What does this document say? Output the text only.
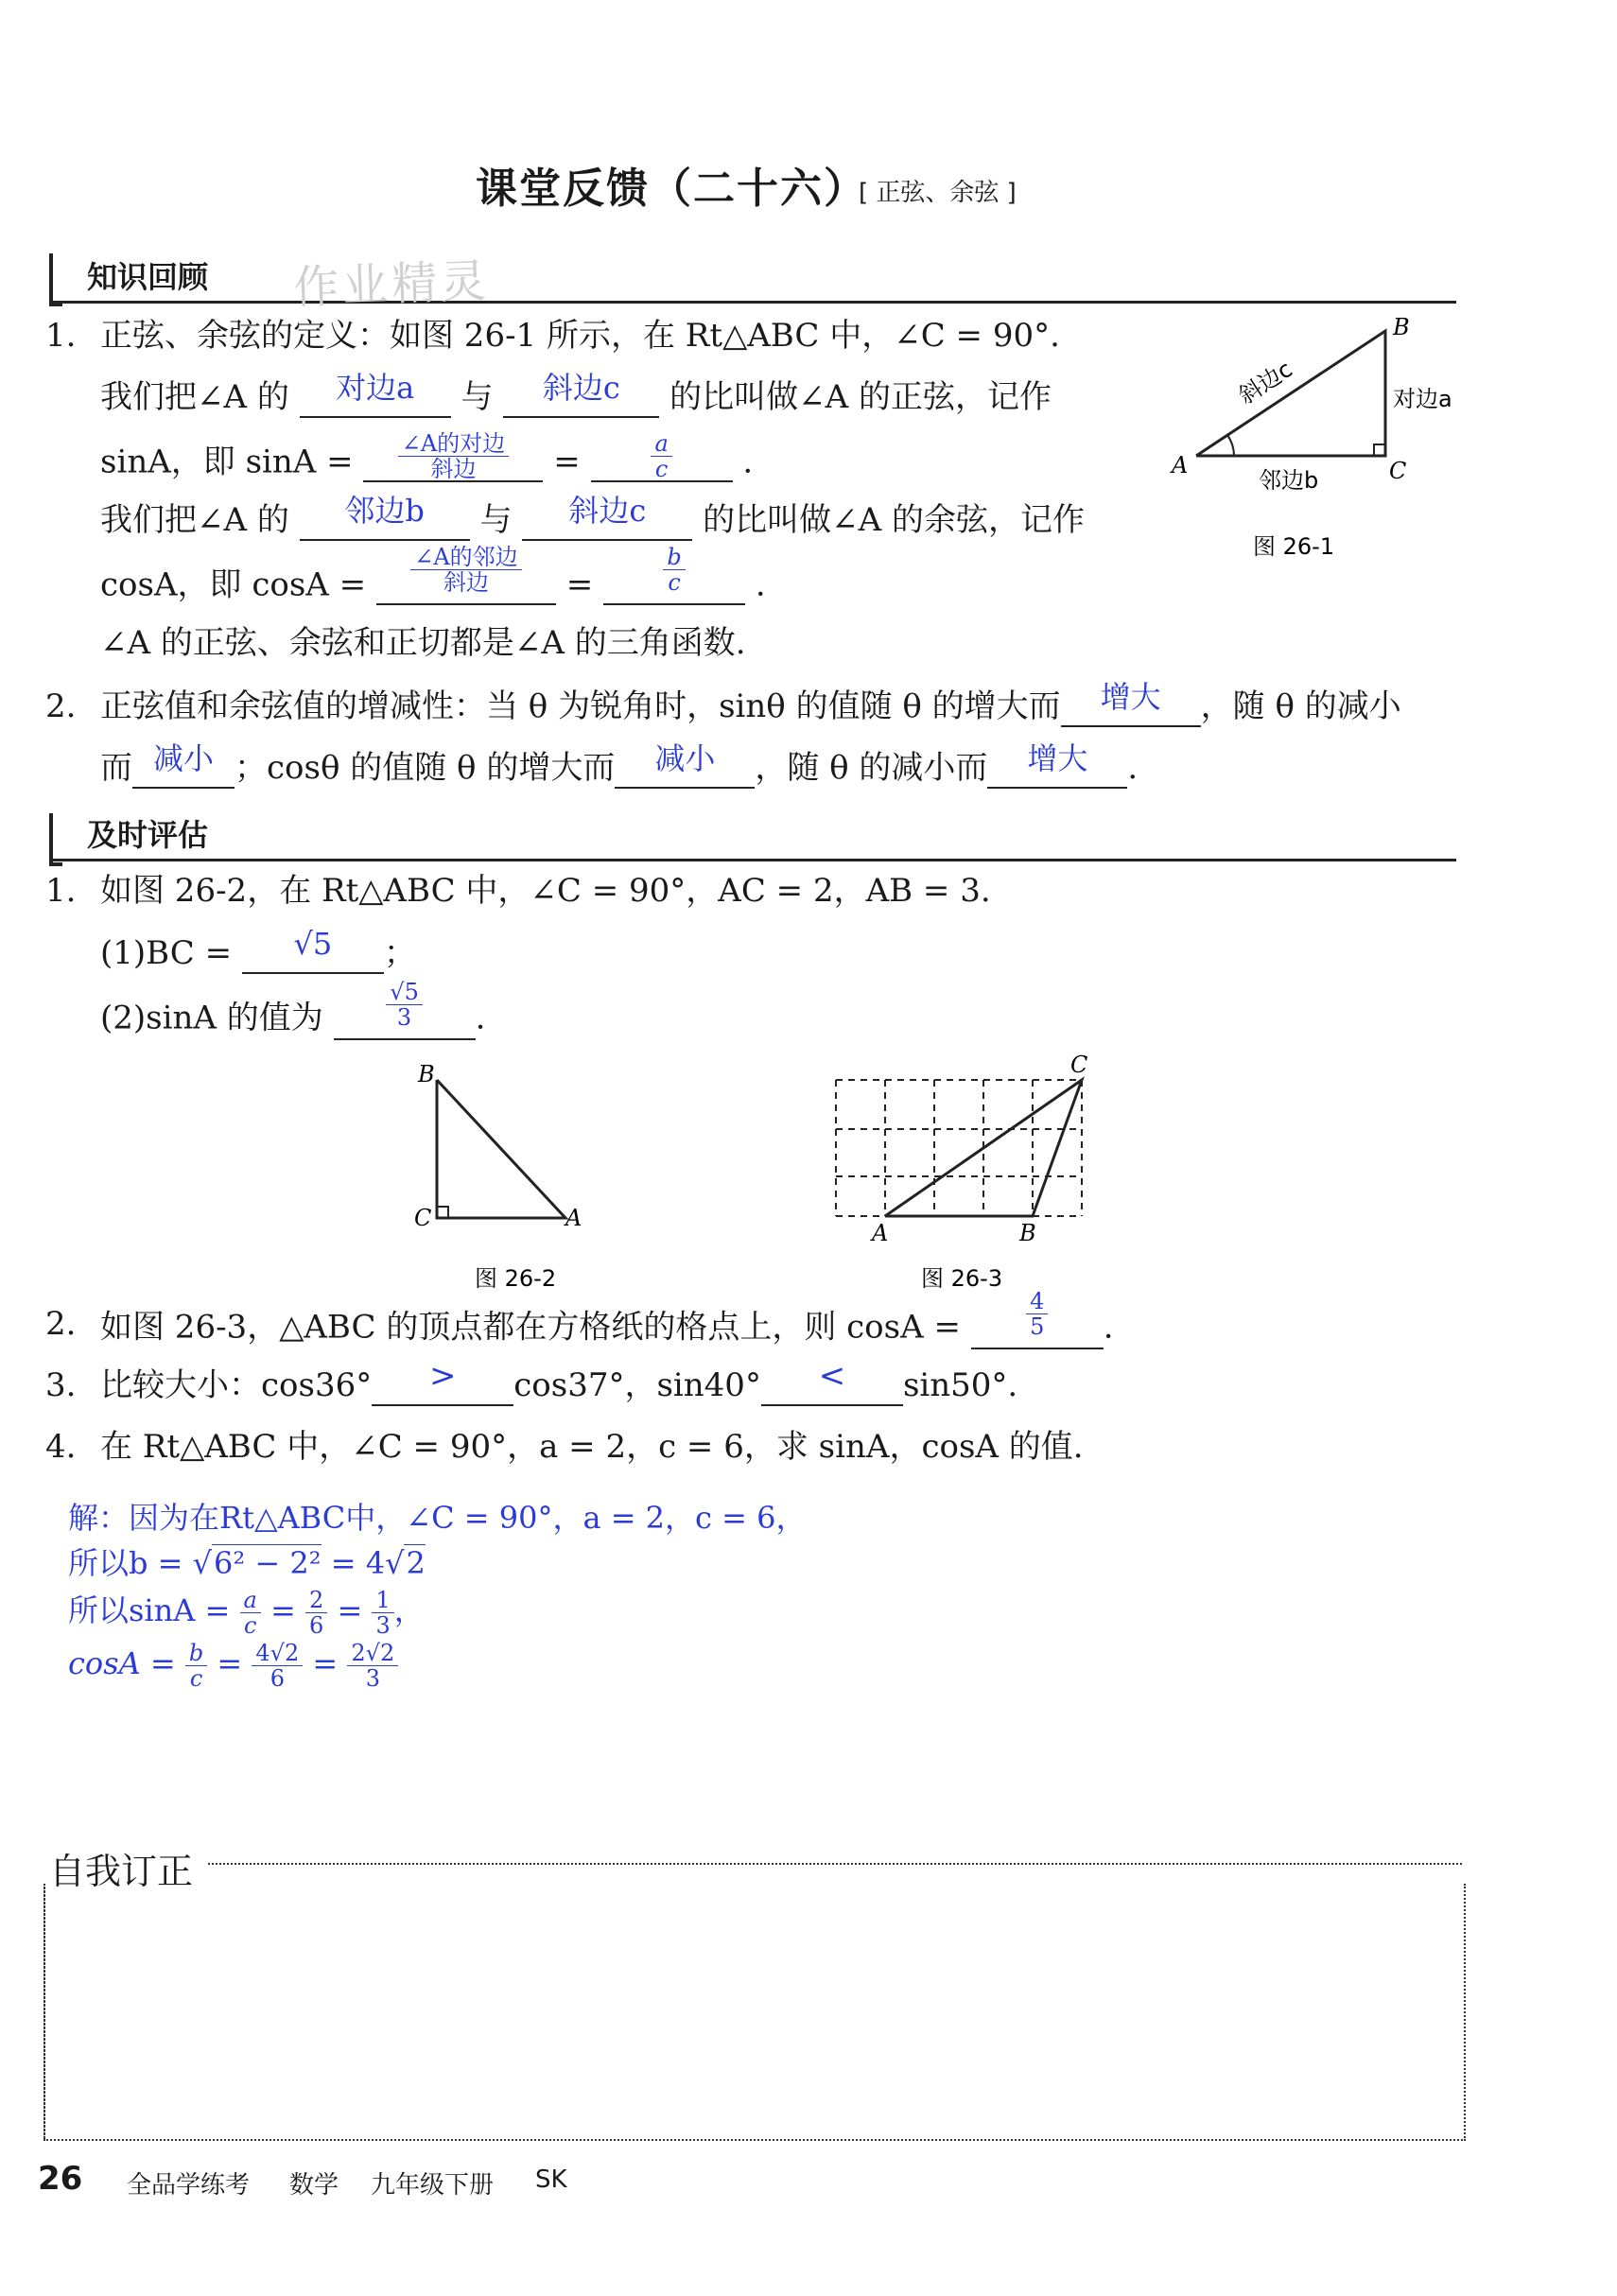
课堂反馈（二十六）
[ 正弦、余弦 ]
知识回顾 作业精灵
1. 正弦、余弦的定义：如图 26-1 所示，在 Rt△ABC 中，∠C = 90°.
我们把∠A 的 对边a 与 斜边c 的比叫做∠A 的正弦，记作
sinA，即 $\sin A = \frac{\text{∠A的对边}}{\text{斜边}}$ =	$\frac{a}{c}$ .
我们把∠A 的 邻边b 与 斜边c 的比叫做∠A 的余弦，记作
cosA，即 $\cos A = \frac{\text{∠A的邻边}}{\text{斜边}}$ =	$\frac{b}{c}$ .
∠A 的正弦、余弦和正切都是∠A 的三角函数.
B
A	C
斜边c	对边a
邻边b
图 26-1
2. 正弦值和余弦值的增减性：当 θ 为锐角时，sinθ 的值随 θ 的增大而 增大 ，随 θ 的减小
而 减小 ；cosθ 的值随 θ 的增大而 减小 ，随 θ 的减小而 增大 .
及时评估
1. 如图 26-2，在 Rt△ABC 中，∠C = 90°，AC = 2，AB = 3.
(1)BC = √5 ；
(2)sinA 的值为	$\frac{√5}{3}$ .
B
C	A
图 26-2
C
A	B
图 26-3
2. 如图 26-3，△ABC 的顶点都在方格纸的格点上，则 cosA =	$\frac{4}{5}$ .
3. 比较大小：cos36° > cos37°，sin40° < sin50°.
4. 在 Rt△ABC 中，∠C = 90°，a = 2，c = 6，求 sinA，cosA 的值.
解：因为在Rt△ABC中，∠C = 90°，a = 2，c = 6，
所以b = √6² − 2² = 4√2
所以$\sin A = \frac{a}{c} = \frac{2}{6} = \frac{1}{3}$ ，
$\cos A = \frac{b}{c} = \frac{4√2}{6} = \frac{2√2}{3}$
自我订正
26 全品学练考 数学 九年级下册 SK
